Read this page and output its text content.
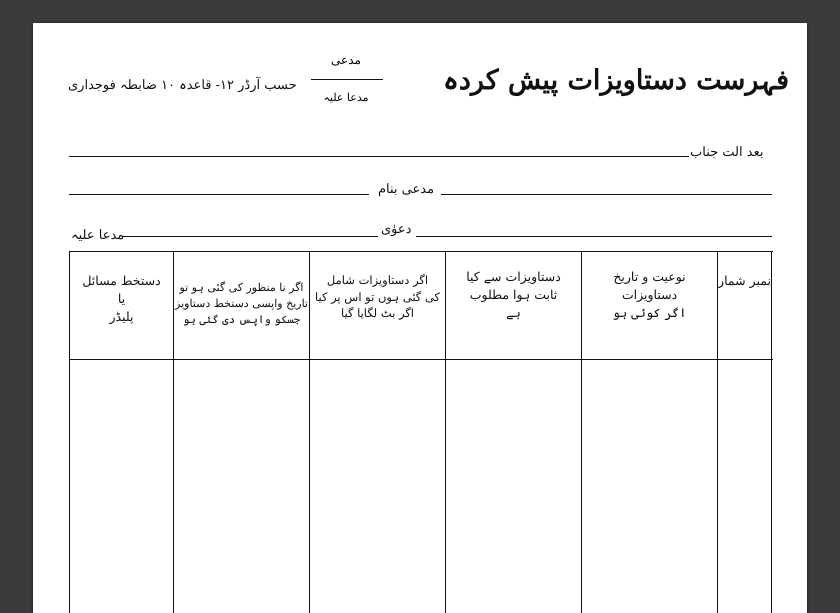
فہرست دستاویزات پیش کردہ
مدعی
مدعا علیہ
حسب آرڈر ۱۲- قاعدہ ۱۰ ضابطہ فوجداری
بعد الت جناب
مدعی بنام
مدعا علیہ	دعوٰی
نمبر شمار
نوعیت و تاریخ
دستاویزات
اگر کوئی ہو
دستاویزات سے کیا
ثابت ہوا مطلوب
ہے
اگر دستاویزات شامل
کی گئی ہوں تو اس پر کیا
اگر بٹ لگایا گیا
اگر نا منظور کی گئی ہو تو
تاریخ واپسی دستخط دستاویز
جسکو واپس دی گئی ہو
دستخط مسائل
یا
پلیڈر
